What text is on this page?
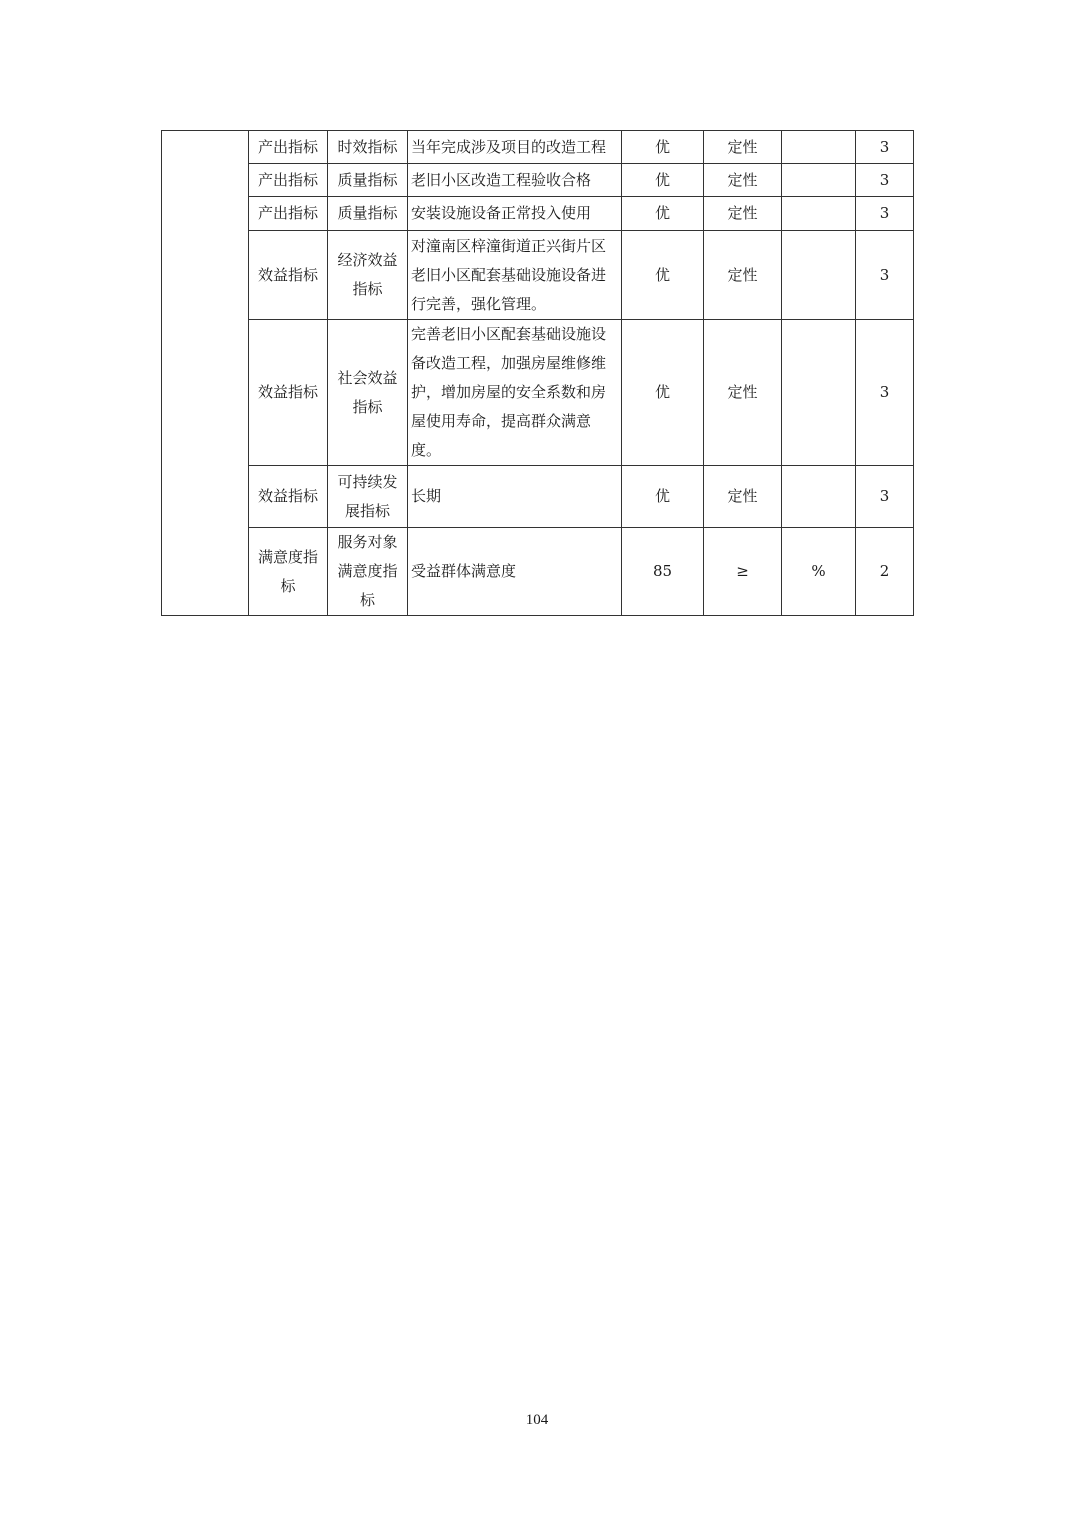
	产出指标	时效指标	当年完成涉及项目的改造工程	优	定性		3
	产出指标	质量指标	老旧小区改造工程验收合格	优	定性		3
	产出指标	质量指标	安装设施设备正常投入使用	优	定性		3
	效益指标	经济效益指标	对潼南区梓潼街道正兴街片区老旧小区配套基础设施设备进行完善，强化管理。	优	定性		3
	效益指标	社会效益指标	完善老旧小区配套基础设施设备改造工程，加强房屋维修维护，增加房屋的安全系数和房屋使用寿命，提高群众满意度。	优	定性		3
	效益指标	可持续发展指标	长期	优	定性		3
	满意度指标	服务对象满意度指标	受益群体满意度	85	≥	%	2
104
